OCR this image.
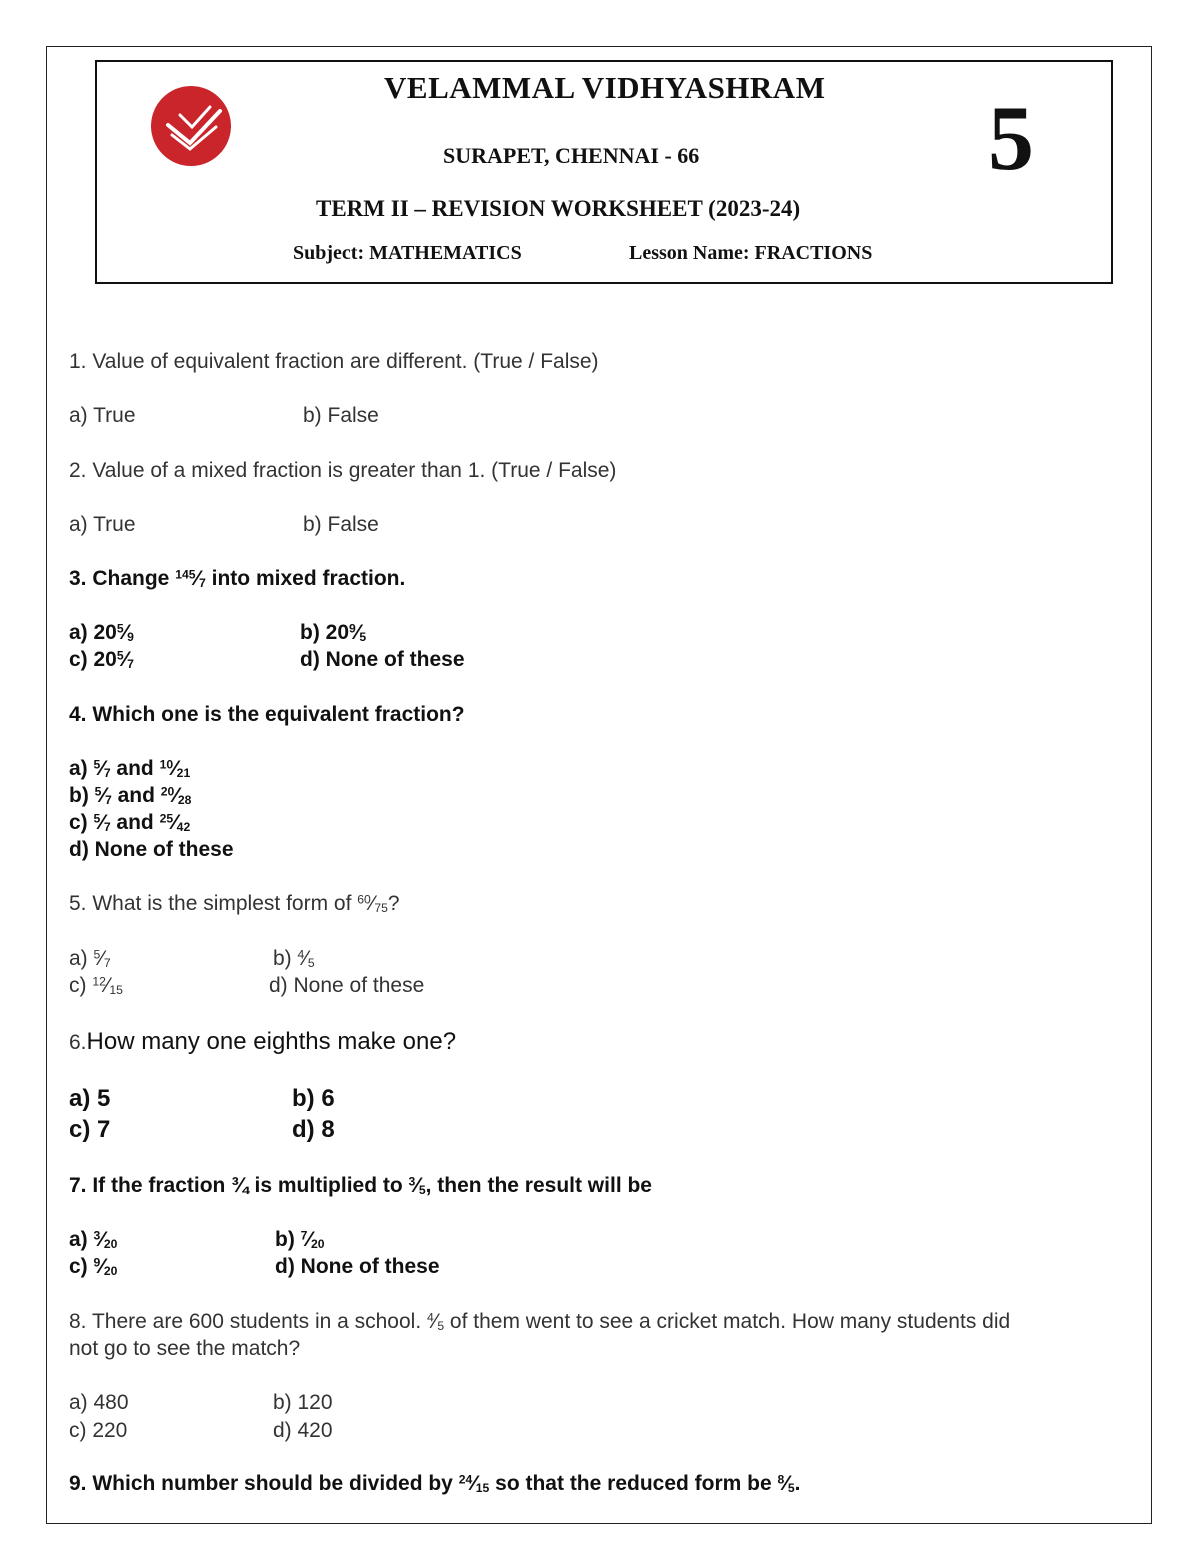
VELAMMAL VIDHYASHRAM
SURAPET, CHENNAI - 66
TERM II – REVISION WORKSHEET (2023-24)
Subject: MATHEMATICS	Lesson Name: FRACTIONS
5
1. Value of equivalent fraction are different. (True / False)
a) True	b) False
2. Value of a mixed fraction is greater than 1. (True / False)
a) True	b) False
3. Change $^{145}⁄_7$ into mixed fraction.
a) $20^5⁄_9$	b) $20^9⁄_5$
c) $20^5⁄_7$	d) None of these
4. Which one is the equivalent fraction?
a) $^5⁄_7$ and $^{10}⁄_{21}$
b) $^5⁄_7$ and $^{20}⁄_{28}$
c) $^5⁄_7$ and $^{25}⁄_{42}$
d) None of these
5. What is the simplest form of $^{60}⁄_{75}$?
a) $^5⁄_7$	b) $^4⁄_5$
c) $^{12}⁄_{15}$	d) None of these
6.How many one eighths make one?
a) 5	b) 6
c) 7	d) 8
7. If the fraction ¾ is multiplied to $^3⁄_5$, then the result will be
a) $^3⁄_{20}$	b) $^7⁄_{20}$
c) $^9⁄_{20}$	d) None of these
8. There are 600 students in a school. $^4⁄_5$ of them went to see a cricket match. How many students did
not go to see the match?
a) 480	b) 120
c) 220	d) 420
9. Which number should be divided by $^{24}⁄_{15}$ so that the reduced form be $^8⁄_5$.
